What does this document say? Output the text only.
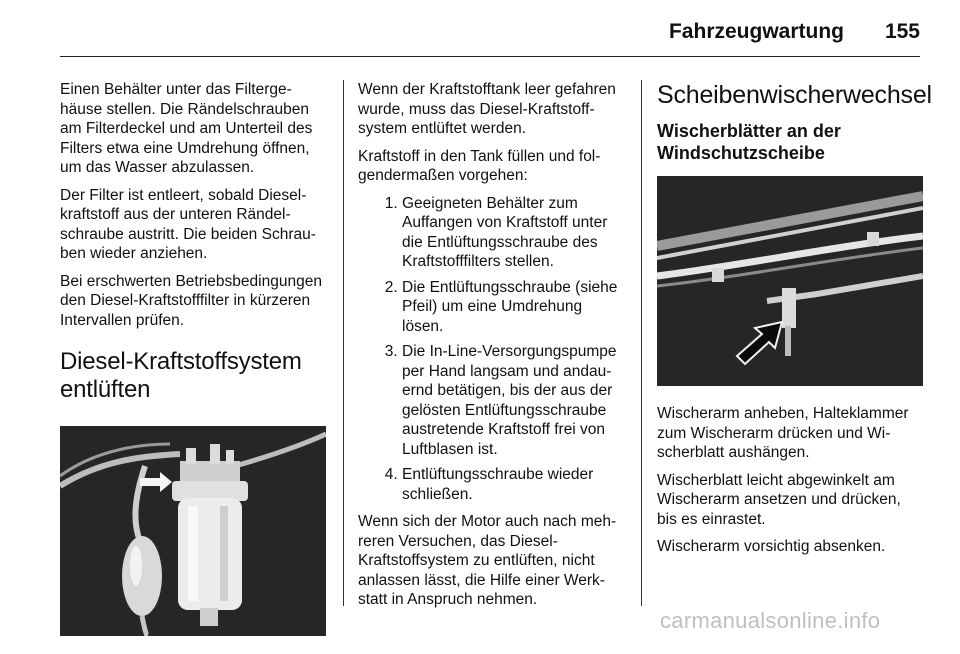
Fahrzeugwartung 155

Einen Behälter unter das Filtergehäuse stellen. Die Rändelschrauben am Filterdeckel und am Unterteil des Filters etwa eine Umdrehung öffnen, um das Wasser abzulassen.

Der Filter ist entleert, sobald Dieselkraftstoff aus der unteren Rändelschraube austritt. Die beiden Schrauben wieder anziehen.

Bei erschwerten Betriebsbedingungen den Diesel-Kraftstofffilter in kürzeren Intervallen prüfen.

Diesel-Kraftstoffsystem entlüften

Wenn der Kraftstofftank leer gefahren wurde, muss das Diesel-Kraftstoffsystem entlüftet werden.

Kraftstoff in den Tank füllen und folgendermaßen vorgehen:

1. Geeigneten Behälter zum Auffangen von Kraftstoff unter die Entlüftungsschraube des Kraftstofffilters stellen.
2. Die Entlüftungsschraube (siehe Pfeil) um eine Umdrehung lösen.
3. Die In-Line-Versorgungspumpe per Hand langsam und andauernd betätigen, bis der aus der gelösten Entlüftungsschraube austretende Kraftstoff frei von Luftblasen ist.
4. Entlüftungsschraube wieder schließen.

Wenn sich der Motor auch nach mehreren Versuchen, das Diesel-Kraftstoffsystem zu entlüften, nicht anlassen lässt, die Hilfe einer Werkstatt in Anspruch nehmen.

Scheibenwischerwechsel
Wischerblätter an der Windschutzscheibe

Wischerarm anheben, Halteklammer zum Wischerarm drücken und Wischerblatt aushängen.

Wischerblatt leicht abgewinkelt am Wischerarm ansetzen und drücken, bis es einrastet.

Wischerarm vorsichtig absenken.

carmanualsonline.info
